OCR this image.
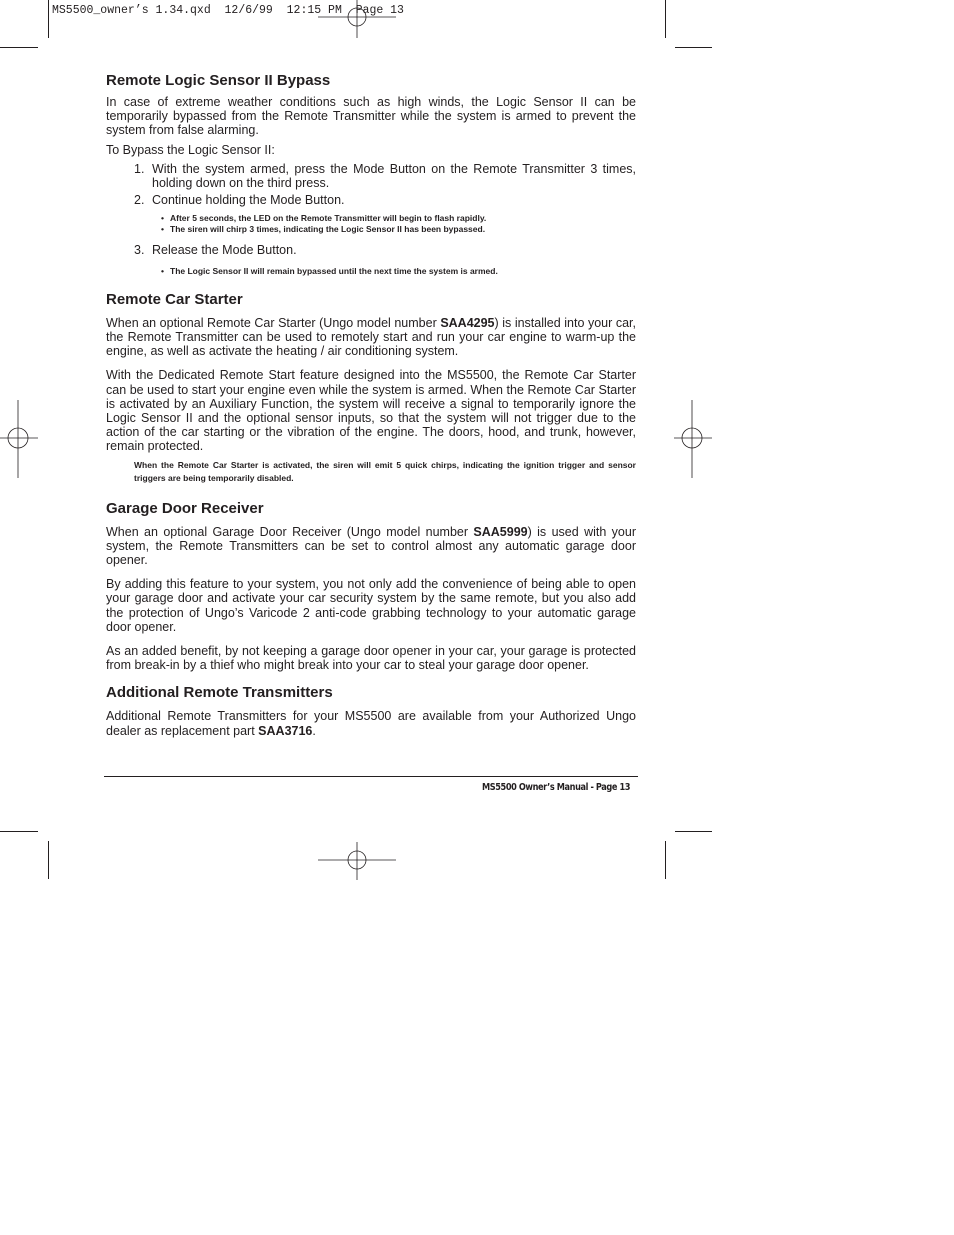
MS5500_owner’s 1.34.qxd  12/6/99  12:15 PM  Page 13
Remote Logic Sensor II Bypass

In case of extreme weather conditions such as high winds, the Logic Sensor II can be temporarily bypassed from the Remote Transmitter while the system is armed to prevent the system from false alarming.

To Bypass the Logic Sensor II:

1. With the system armed, press the Mode Button on the Remote Transmitter 3 times, holding down on the third press.
2. Continue holding the Mode Button.
• After 5 seconds, the LED on the Remote Transmitter will begin to flash rapidly.
• The siren will chirp 3 times, indicating the Logic Sensor II has been bypassed.
3. Release the Mode Button.
• The Logic Sensor II will remain bypassed until the next time the system is armed.
Remote Car Starter

When an optional Remote Car Starter (Ungo model number SAA4295) is installed into your car, the Remote Transmitter can be used to remotely start and run your car engine to warm-up the engine, as well as activate the heating / air conditioning system.

With the Dedicated Remote Start feature designed into the MS5500, the Remote Car Starter can be used to start your engine even while the system is armed. When the Remote Car Starter is activated by an Auxiliary Function, the system will receive a signal to temporarily ignore the Logic Sensor II and the optional sensor inputs, so that the system will not trigger due to the action of the car starting or the vibration of the engine. The doors, hood, and trunk, however, remain protected.

When the Remote Car Starter is activated, the siren will emit 5 quick chirps, indicating the ignition trigger and sensor triggers are being temporarily disabled.
Garage Door Receiver

When an optional Garage Door Receiver (Ungo model number SAA5999) is used with your system, the Remote Transmitters can be set to control almost any automatic garage door opener.

By adding this feature to your system, you not only add the convenience of being able to open your garage door and activate your car security system by the same remote, but you also add the protection of Ungo’s Varicode 2 anti-code grabbing technology to your automatic garage door opener.

As an added benefit, by not keeping a garage door opener in your car, your garage is protected from break-in by a thief who might break into your car to steal your garage door opener.

Additional Remote Transmitters

Additional Remote Transmitters for your MS5500 are available from your Authorized Ungo dealer as replacement part SAA3716.

MS5500 Owner’s Manual - Page 13
